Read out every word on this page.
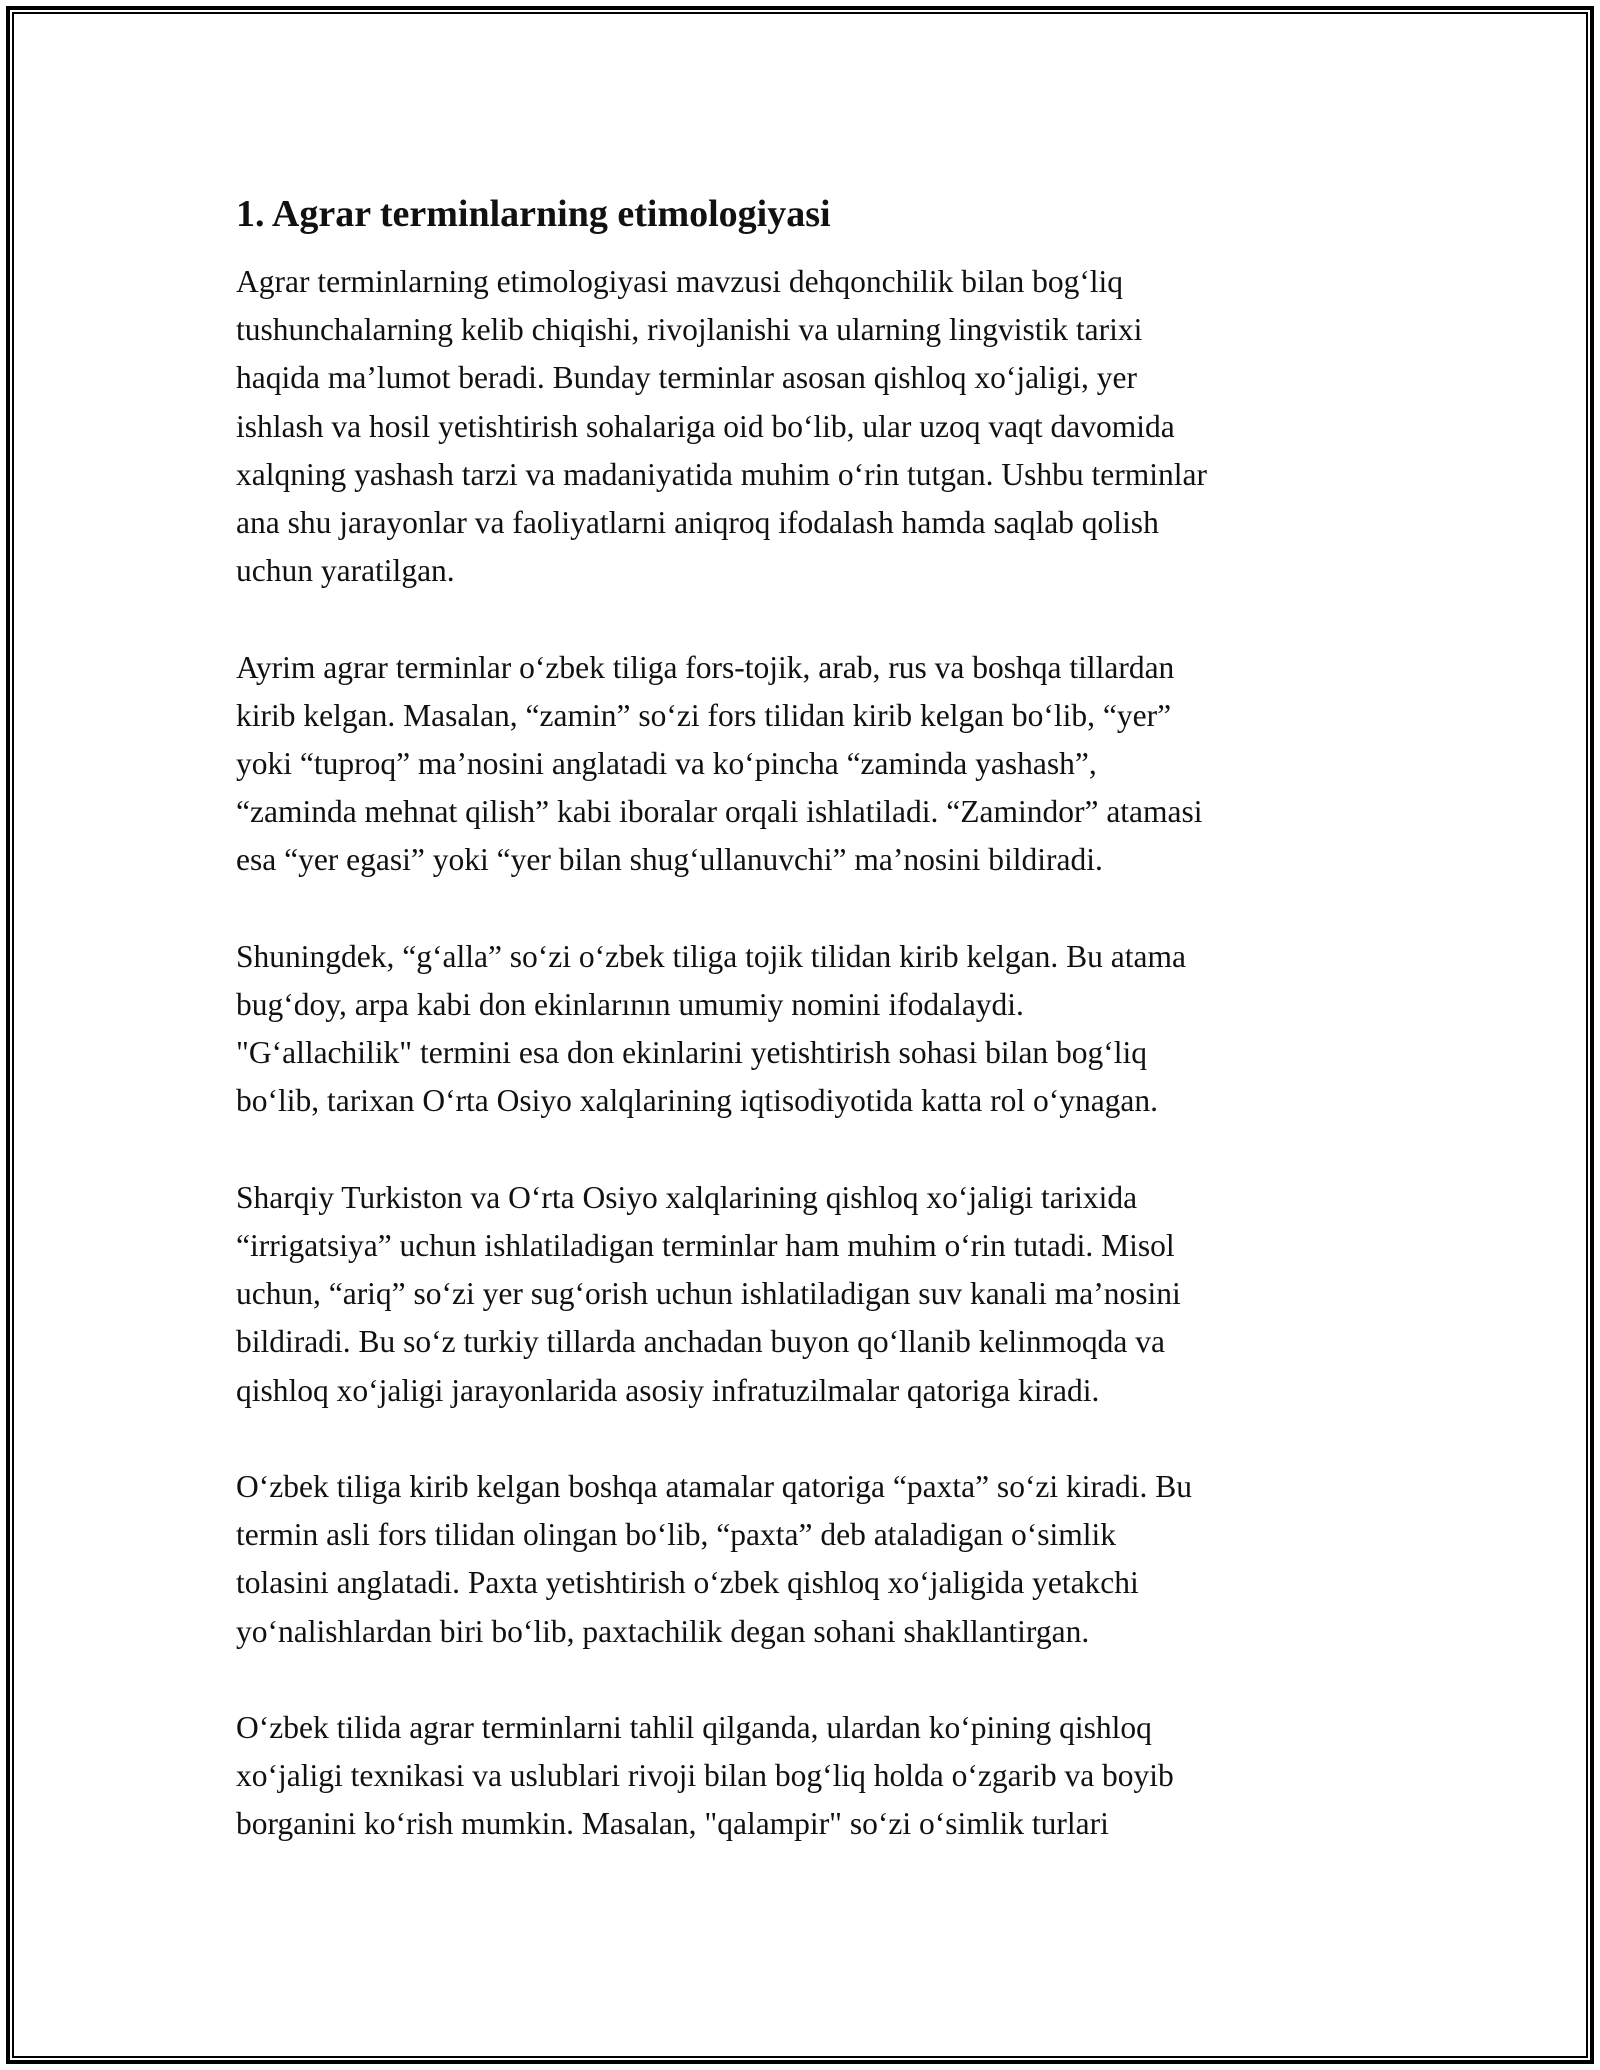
1. Agrar terminlarning etimologiyasi

Agrar terminlarning etimologiyasi mavzusi dehqonchilik bilan bog‘liq
tushunchalarning kelib chiqishi, rivojlanishi va ularning lingvistik tarixi
haqida ma’lumot beradi. Bunday terminlar asosan qishloq xo‘jaligi, yer
ishlash va hosil yetishtirish sohalariga oid bo‘lib, ular uzoq vaqt davomida
xalqning yashash tarzi va madaniyatida muhim o‘rin tutgan. Ushbu terminlar
ana shu jarayonlar va faoliyatlarni aniqroq ifodalash hamda saqlab qolish
uchun yaratilgan.

Ayrim agrar terminlar o‘zbek tiliga fors-tojik, arab, rus va boshqa tillardan
kirib kelgan. Masalan, “zamin” so‘zi fors tilidan kirib kelgan bo‘lib, “yer”
yoki “tuproq” ma’nosini anglatadi va ko‘pincha “zaminda yashash”,
“zaminda mehnat qilish” kabi iboralar orqali ishlatiladi. “Zamindor” atamasi
esa “yer egasi” yoki “yer bilan shug‘ullanuvchi” ma’nosini bildiradi.

Shuningdek, “g‘alla” so‘zi o‘zbek tiliga tojik tilidan kirib kelgan. Bu atama
bug‘doy, arpa kabi don ekinlarının umumiy nomini ifodalaydi.
"G‘allachilik" termini esa don ekinlarini yetishtirish sohasi bilan bog‘liq
bo‘lib, tarixan O‘rta Osiyo xalqlarining iqtisodiyotida katta rol o‘ynagan.

Sharqiy Turkiston va O‘rta Osiyo xalqlarining qishloq xo‘jaligi tarixida
“irrigatsiya” uchun ishlatiladigan terminlar ham muhim o‘rin tutadi. Misol
uchun, “ariq” so‘zi yer sug‘orish uchun ishlatiladigan suv kanali ma’nosini
bildiradi. Bu so‘z turkiy tillarda anchadan buyon qo‘llanib kelinmoqda va
qishloq xo‘jaligi jarayonlarida asosiy infratuzilmalar qatoriga kiradi.

O‘zbek tiliga kirib kelgan boshqa atamalar qatoriga “paxta” so‘zi kiradi. Bu
termin asli fors tilidan olingan bo‘lib, “paxta” deb ataladigan o‘simlik
tolasini anglatadi. Paxta yetishtirish o‘zbek qishloq xo‘jaligida yetakchi
yo‘nalishlardan biri bo‘lib, paxtachilik degan sohani shakllantirgan.

O‘zbek tilida agrar terminlarni tahlil qilganda, ulardan ko‘pining qishloq
xo‘jaligi texnikasi va uslublari rivoji bilan bog‘liq holda o‘zgarib va boyib
borganini ko‘rish mumkin. Masalan, "qalampir" so‘zi o‘simlik turlari
